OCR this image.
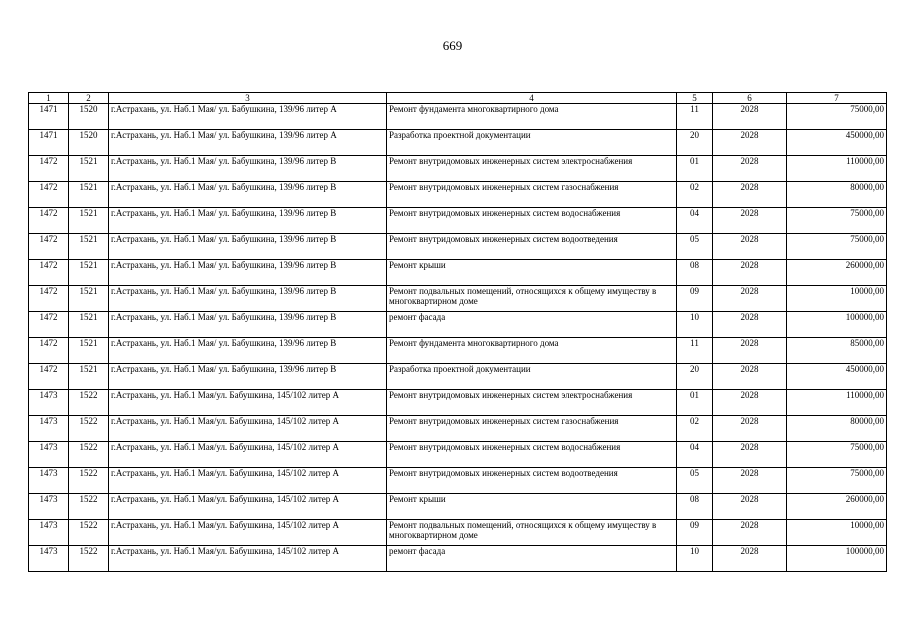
669
1	2	3	4	5	6	7
1471	1520	г.Астрахань, ул. Наб.1 Мая/ ул. Бабушкина, 139/96 литер А	Ремонт фундамента многоквартирного дома	11	2028	75000,00
1471	1520	г.Астрахань, ул. Наб.1 Мая/ ул. Бабушкина, 139/96 литер А	Разработка проектной документации	20	2028	450000,00
1472	1521	г.Астрахань, ул. Наб.1 Мая/ ул. Бабушкина, 139/96 литер В	Ремонт внутридомовых инженерных систем электроснабжения	01	2028	110000,00
1472	1521	г.Астрахань, ул. Наб.1 Мая/ ул. Бабушкина, 139/96 литер В	Ремонт внутридомовых инженерных систем газоснабжения	02	2028	80000,00
1472	1521	г.Астрахань, ул. Наб.1 Мая/ ул. Бабушкина, 139/96 литер В	Ремонт внутридомовых инженерных систем водоснабжения	04	2028	75000,00
1472	1521	г.Астрахань, ул. Наб.1 Мая/ ул. Бабушкина, 139/96 литер В	Ремонт внутридомовых инженерных систем водоотведения	05	2028	75000,00
1472	1521	г.Астрахань, ул. Наб.1 Мая/ ул. Бабушкина, 139/96 литер В	Ремонт крыши	08	2028	260000,00
1472	1521	г.Астрахань, ул. Наб.1 Мая/ ул. Бабушкина, 139/96 литер В	Ремонт подвальных помещений, относящихся к общему имуществу в многоквартирном доме	09	2028	10000,00
1472	1521	г.Астрахань, ул. Наб.1 Мая/ ул. Бабушкина, 139/96 литер В	ремонт фасада	10	2028	100000,00
1472	1521	г.Астрахань, ул. Наб.1 Мая/ ул. Бабушкина, 139/96 литер В	Ремонт фундамента многоквартирного дома	11	2028	85000,00
1472	1521	г.Астрахань, ул. Наб.1 Мая/ ул. Бабушкина, 139/96 литер В	Разработка проектной документации	20	2028	450000,00
1473	1522	г.Астрахань, ул. Наб.1 Мая/ул. Бабушкина, 145/102 литер А	Ремонт внутридомовых инженерных систем электроснабжения	01	2028	110000,00
1473	1522	г.Астрахань, ул. Наб.1 Мая/ул. Бабушкина, 145/102 литер А	Ремонт внутридомовых инженерных систем газоснабжения	02	2028	80000,00
1473	1522	г.Астрахань, ул. Наб.1 Мая/ул. Бабушкина, 145/102 литер А	Ремонт внутридомовых инженерных систем водоснабжения	04	2028	75000,00
1473	1522	г.Астрахань, ул. Наб.1 Мая/ул. Бабушкина, 145/102 литер А	Ремонт внутридомовых инженерных систем водоотведения	05	2028	75000,00
1473	1522	г.Астрахань, ул. Наб.1 Мая/ул. Бабушкина, 145/102 литер А	Ремонт крыши	08	2028	260000,00
1473	1522	г.Астрахань, ул. Наб.1 Мая/ул. Бабушкина, 145/102 литер А	Ремонт подвальных помещений, относящихся к общему имуществу в многоквартирном доме	09	2028	10000,00
1473	1522	г.Астрахань, ул. Наб.1 Мая/ул. Бабушкина, 145/102 литер А	ремонт фасада	10	2028	100000,00
